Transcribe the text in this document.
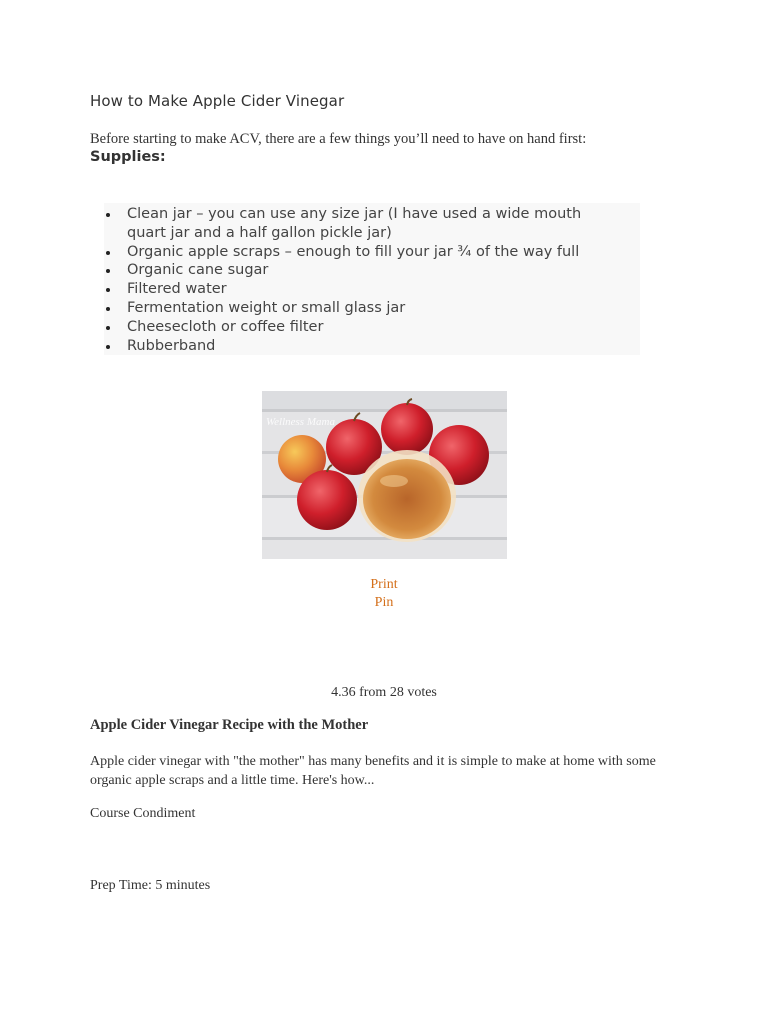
How to Make Apple Cider Vinegar

Before starting to make ACV, there are a few things you’ll need to have on hand first:

Supplies:
Clean jar – you can use any size jar (I have used a wide mouth quart jar and a half gallon pickle jar)
Organic apple scraps – enough to fill your jar ¾ of the way full
Organic cane sugar
Filtered water
Fermentation weight or small glass jar
Cheesecloth or coffee filter
Rubberband
Wellness Mama
Print
Pin

4.36 from 28 votes

Apple Cider Vinegar Recipe with the Mother

Apple cider vinegar with "the mother" has many benefits and it is simple to make at home with some organic apple scraps and a little time. Here's how...

Course Condiment

Prep Time: 5 minutes
